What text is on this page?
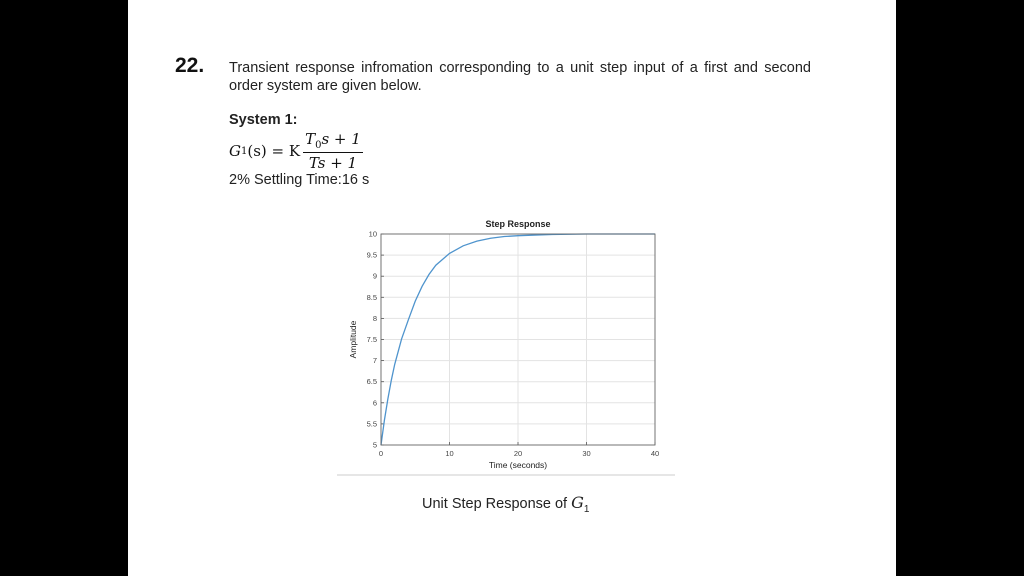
22. Transient response infromation corresponding to a unit step input of a first and second order system are given below.
System 1:
G 1 (s) = K $\frac{T_0s + 1}{Ts + 1}$
2% Settling Time:16 s
0	10	20	30	40
5
5.5
6
6.5
7
7.5
8
8.5
9
9.5
10
Step Response
Time (seconds)
Amplitude
Unit Step Response of $G_1$
